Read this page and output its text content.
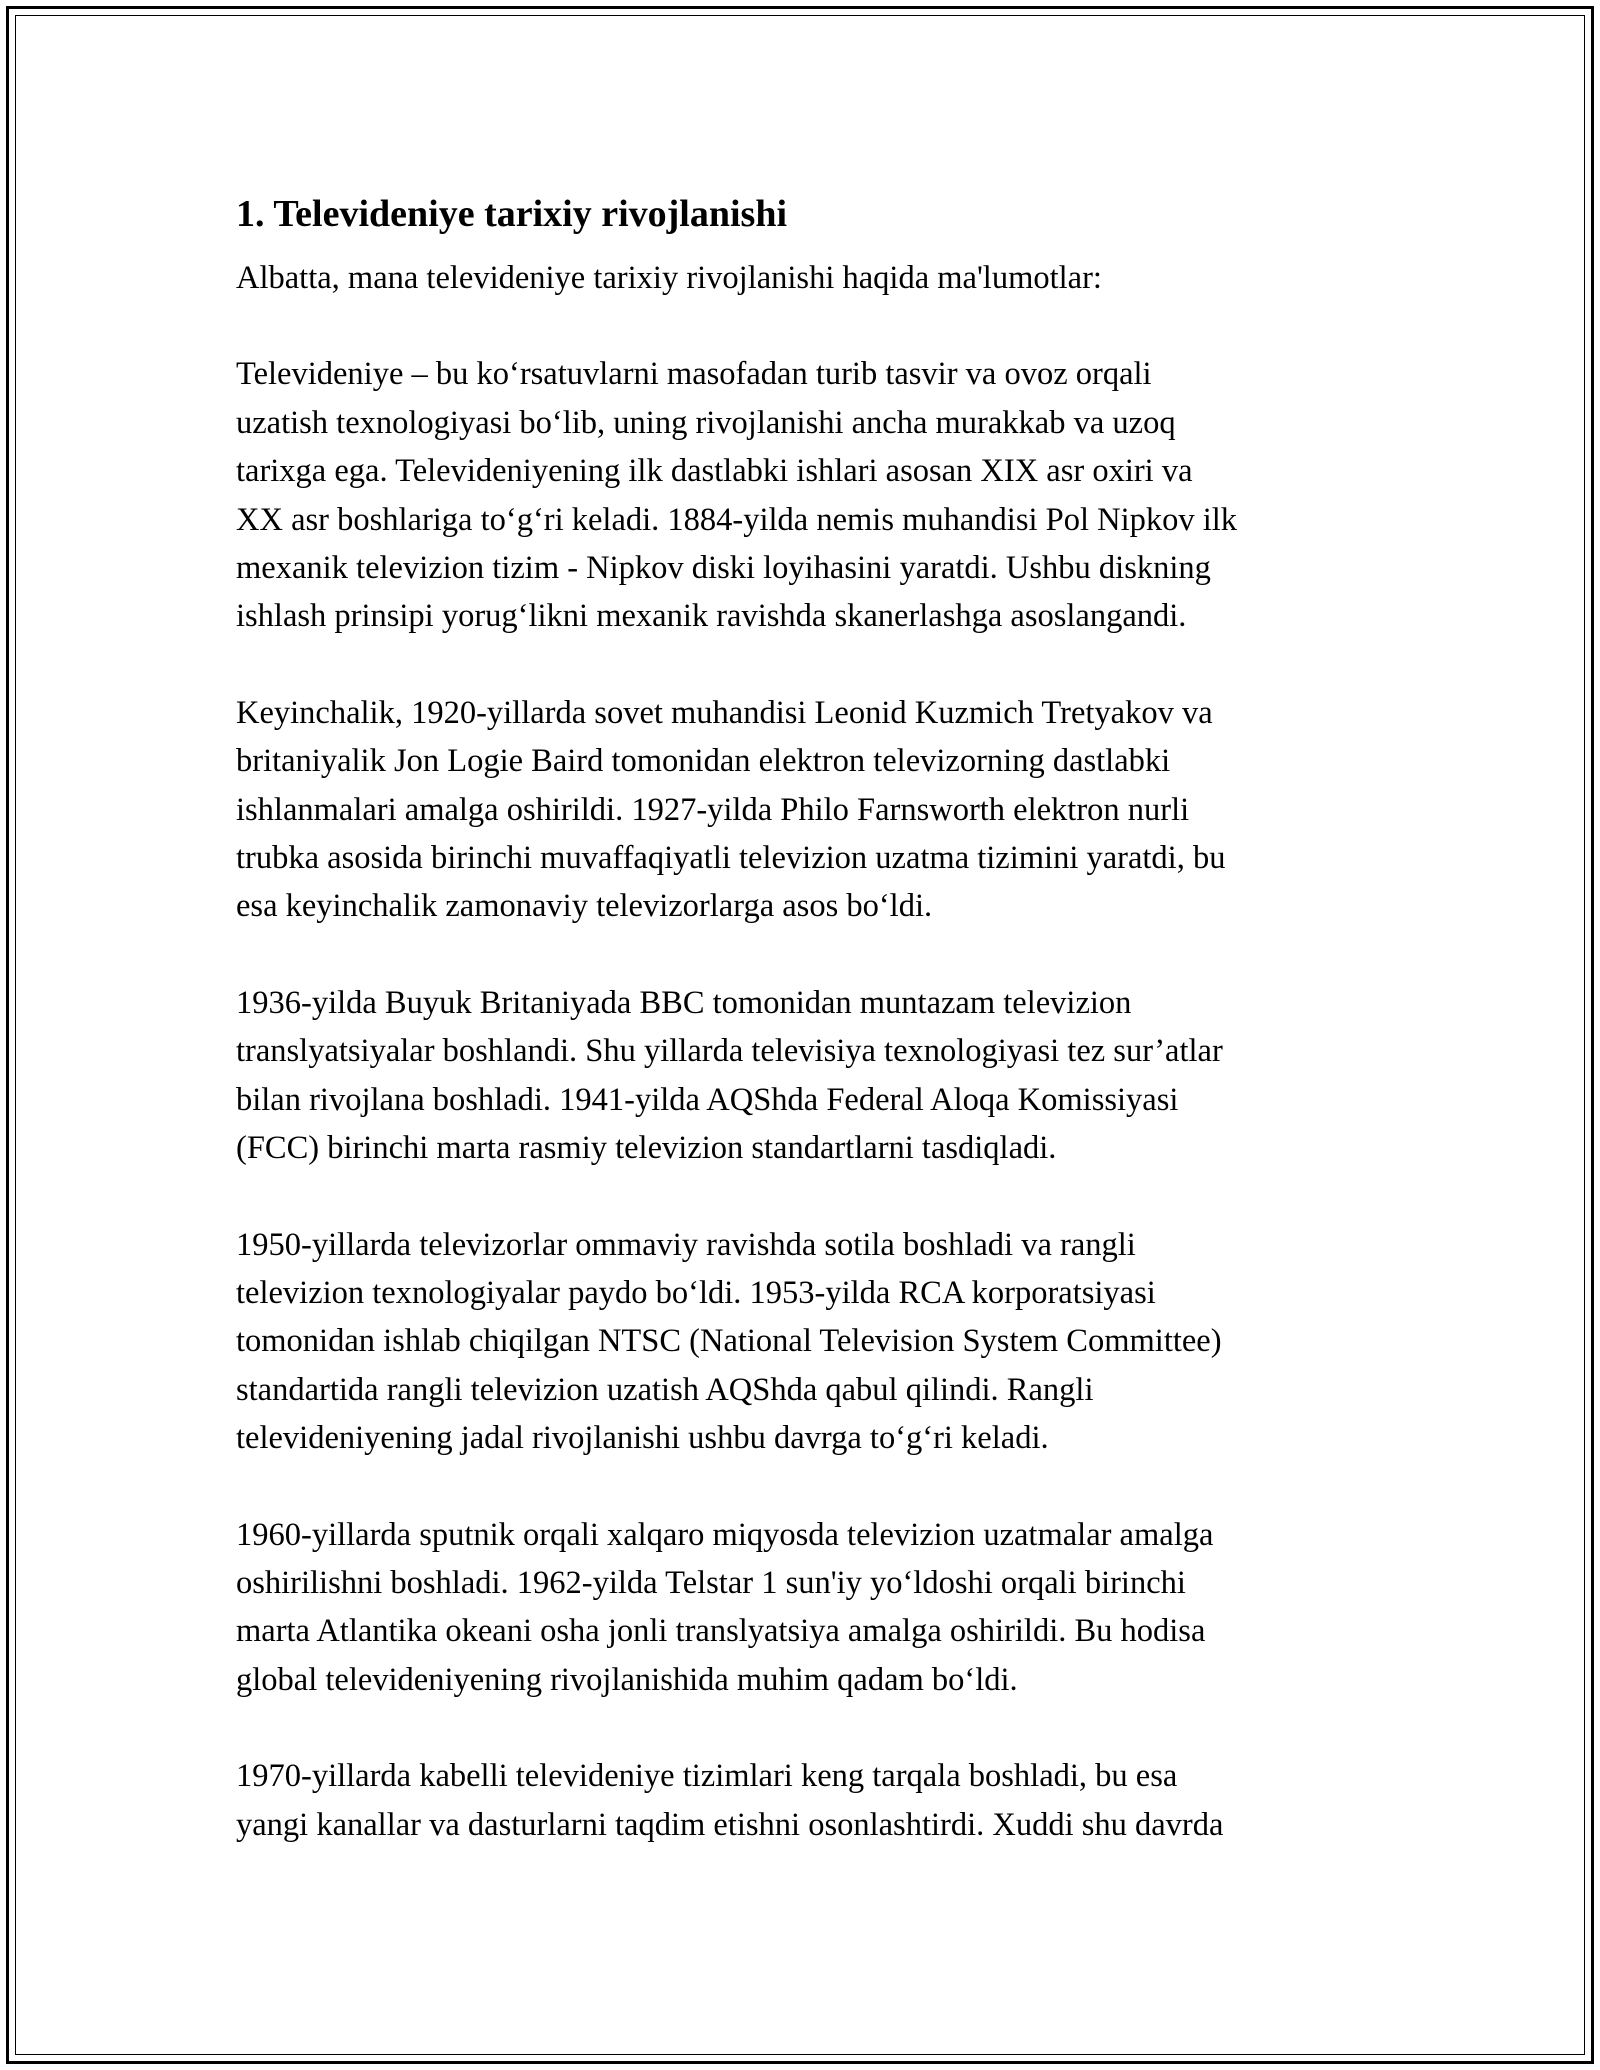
1. Televideniye tarixiy rivojlanishi

Albatta, mana televideniye tarixiy rivojlanishi haqida ma'lumotlar:

Televideniye – bu koʻrsatuvlarni masofadan turib tasvir va ovoz orqali
uzatish texnologiyasi boʻlib, uning rivojlanishi ancha murakkab va uzoq
tarixga ega. Televideniyening ilk dastlabki ishlari asosan XIX asr oxiri va
XX asr boshlariga toʻgʻri keladi. 1884-yilda nemis muhandisi Pol Nipkov ilk
mexanik televizion tizim - Nipkov diski loyihasini yaratdi. Ushbu diskning
ishlash prinsipi yorugʻlikni mexanik ravishda skanerlashga asoslangandi.

Keyinchalik, 1920-yillarda sovet muhandisi Leonid Kuzmich Tretyakov va
britaniyalik Jon Logie Baird tomonidan elektron televizorning dastlabki
ishlanmalari amalga oshirildi. 1927-yilda Philo Farnsworth elektron nurli
trubka asosida birinchi muvaffaqiyatli televizion uzatma tizimini yaratdi, bu
esa keyinchalik zamonaviy televizorlarga asos boʻldi.

1936-yilda Buyuk Britaniyada BBC tomonidan muntazam televizion
translyatsiyalar boshlandi. Shu yillarda televisiya texnologiyasi tez sur’atlar
bilan rivojlana boshladi. 1941-yilda AQShda Federal Aloqa Komissiyasi
(FCC) birinchi marta rasmiy televizion standartlarni tasdiqladi.

1950-yillarda televizorlar ommaviy ravishda sotila boshladi va rangli
televizion texnologiyalar paydo boʻldi. 1953-yilda RCA korporatsiyasi
tomonidan ishlab chiqilgan NTSC (National Television System Committee)
standartida rangli televizion uzatish AQShda qabul qilindi. Rangli
televideniyening jadal rivojlanishi ushbu davrga toʻgʻri keladi.

1960-yillarda sputnik orqali xalqaro miqyosda televizion uzatmalar amalga
oshirilishni boshladi. 1962-yilda Telstar 1 sun'iy yoʻldoshi orqali birinchi
marta Atlantika okeani osha jonli translyatsiya amalga oshirildi. Bu hodisa
global televideniyening rivojlanishida muhim qadam boʻldi.

1970-yillarda kabelli televideniye tizimlari keng tarqala boshladi, bu esa
yangi kanallar va dasturlarni taqdim etishni osonlashtirdi. Xuddi shu davrda
